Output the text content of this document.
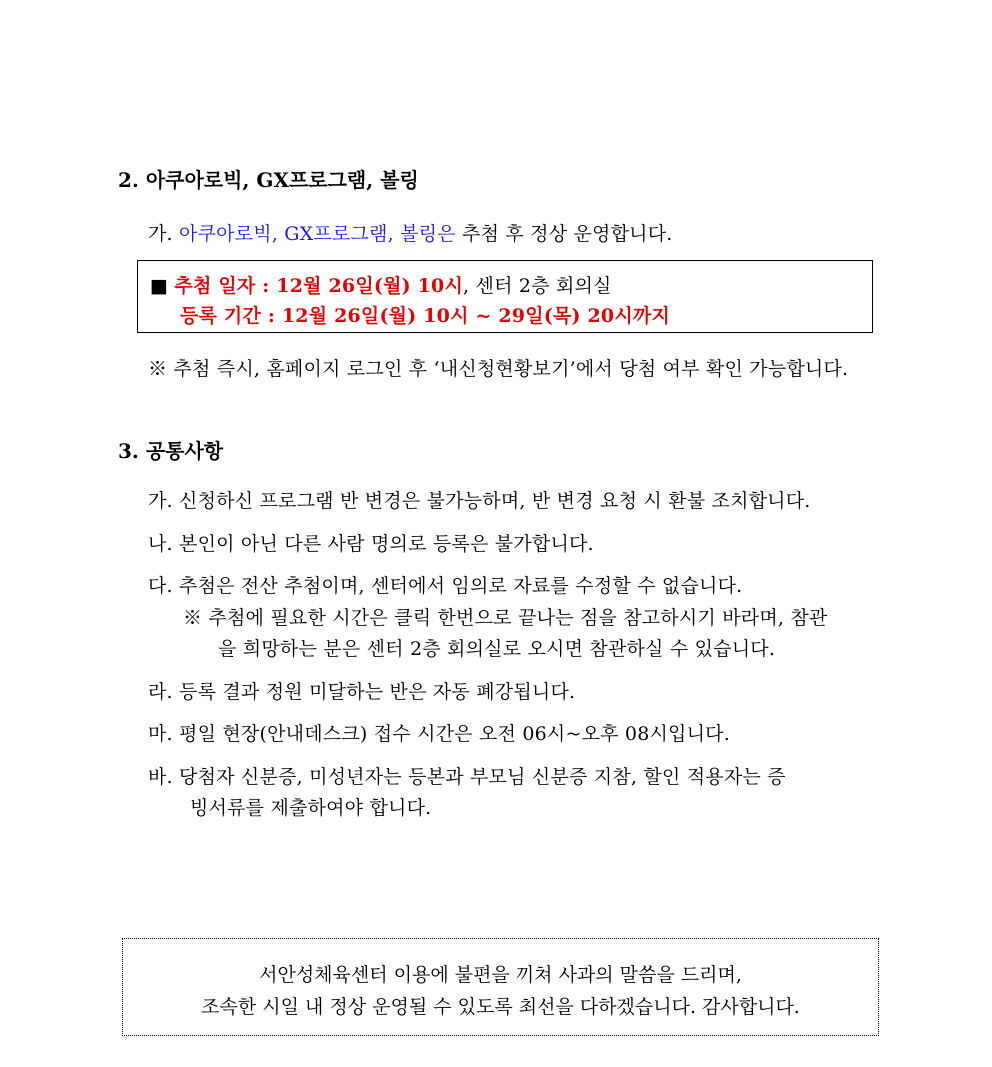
2. 아쿠아로빅, GX프로그램, 볼링
가. 아쿠아로빅, GX프로그램, 볼링은 추첨 후 정상 운영합니다.
■ 추첨 일자 : 12월 26일(월) 10시, 센터 2층 회의실
등록 기간 : 12월 26일(월) 10시 ~ 29일(목) 20시까지
※ 추첨 즉시, 홈페이지 로그인 후 ‘내신청현황보기’에서 당첨 여부 확인 가능합니다.
3. 공통사항
가. 신청하신 프로그램 반 변경은 불가능하며, 반 변경 요청 시 환불 조치합니다.
나. 본인이 아닌 다른 사람 명의로 등록은 불가합니다.
다. 추첨은 전산 추첨이며, 센터에서 임의로 자료를 수정할 수 없습니다.
※ 추첨에 필요한 시간은 클릭 한번으로 끝나는 점을 참고하시기 바라며, 참관
을 희망하는 분은 센터 2층 회의실로 오시면 참관하실 수 있습니다.
라. 등록 결과 정원 미달하는 반은 자동 폐강됩니다.
마. 평일 현장(안내데스크) 접수 시간은 오전 06시~오후 08시입니다.
바. 당첨자 신분증, 미성년자는 등본과 부모님 신분증 지참, 할인 적용자는 증
빙서류를 제출하여야 합니다.
서안성체육센터 이용에 불편을 끼쳐 사과의 말씀을 드리며,
조속한 시일 내 정상 운영될 수 있도록 최선을 다하겠습니다. 감사합니다.
